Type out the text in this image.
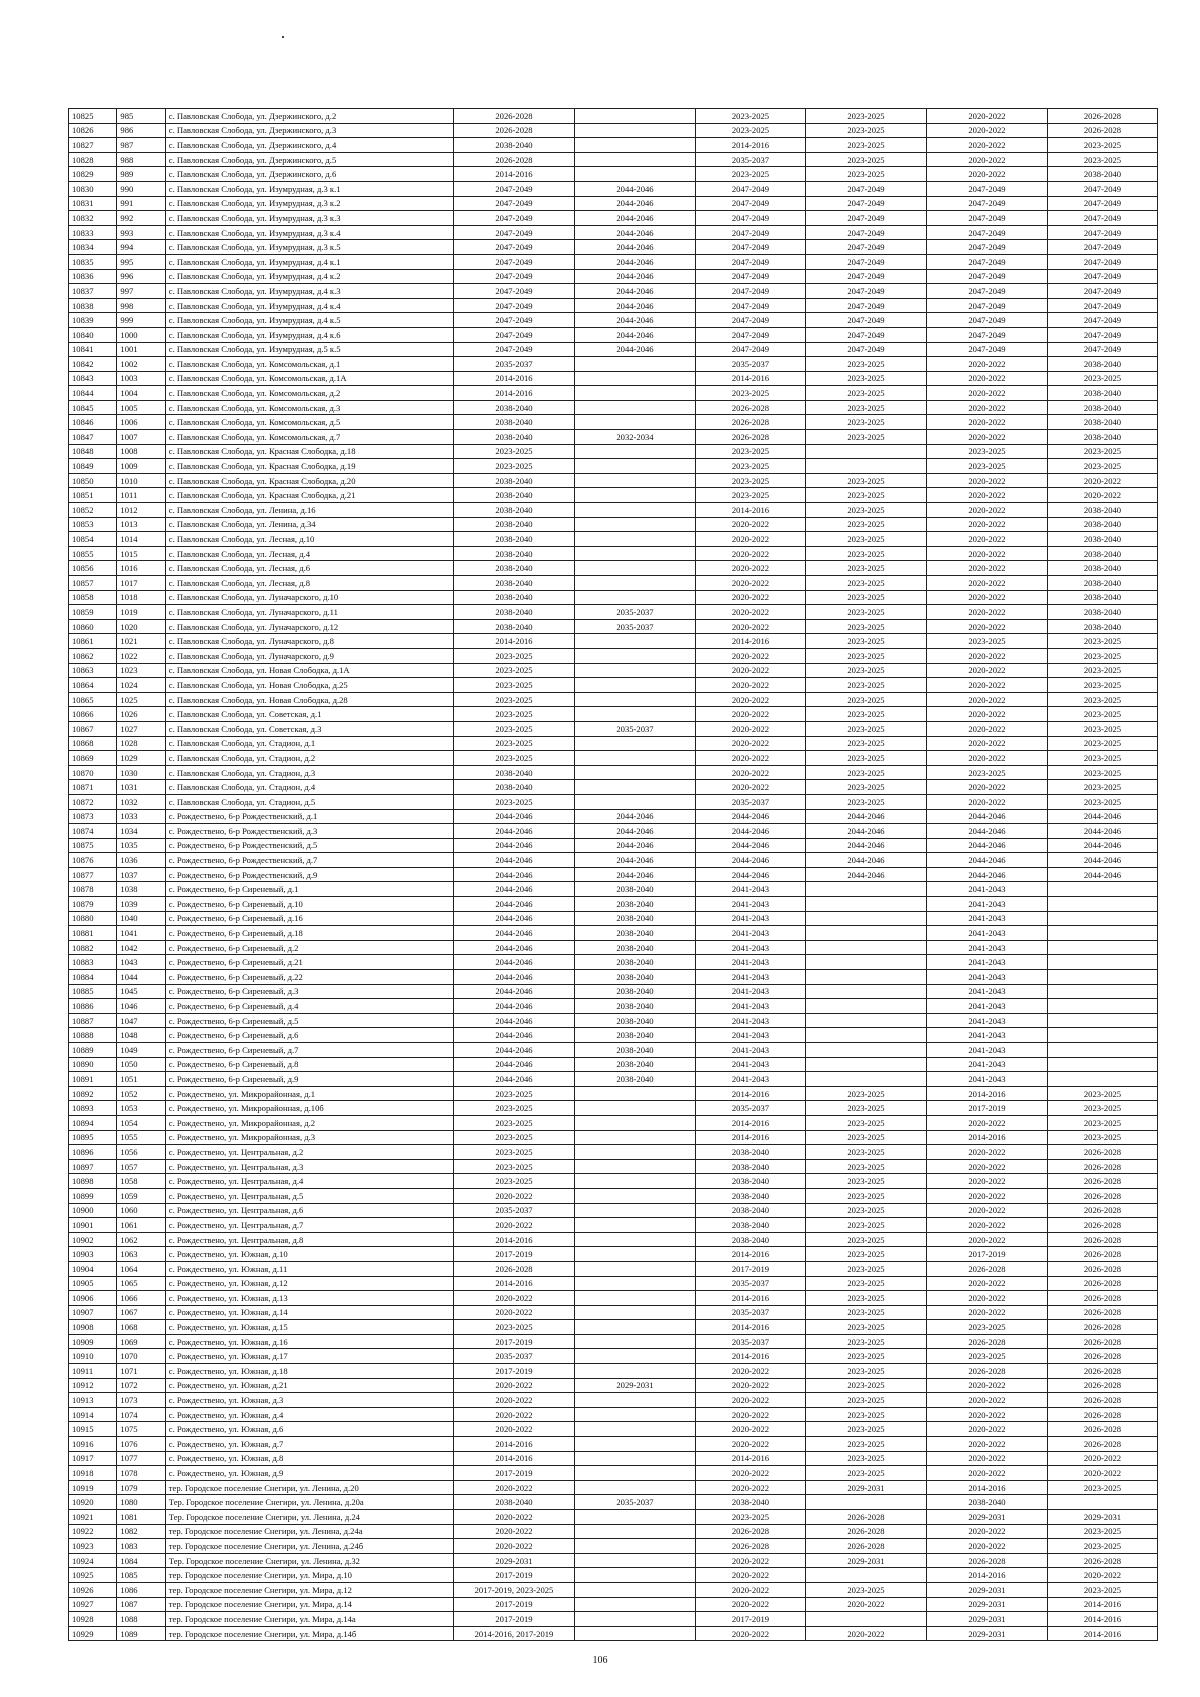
10825	985	с. Павловская Слобода, ул. Дзержинского, д.2	2026-2028		2023-2025	2023-2025	2020-2022	2026-2028
10826	986	с. Павловская Слобода, ул. Дзержинского, д.3	2026-2028		2023-2025	2023-2025	2020-2022	2026-2028
10827	987	с. Павловская Слобода, ул. Дзержинского, д.4	2038-2040		2014-2016	2023-2025	2020-2022	2023-2025
10828	988	с. Павловская Слобода, ул. Дзержинского, д.5	2026-2028		2035-2037	2023-2025	2020-2022	2023-2025
10829	989	с. Павловская Слобода, ул. Дзержинского, д.6	2014-2016		2023-2025	2023-2025	2020-2022	2038-2040
10830	990	с. Павловская Слобода, ул. Изумрудная, д.3 к.1	2047-2049	2044-2046	2047-2049	2047-2049	2047-2049	2047-2049
10831	991	с. Павловская Слобода, ул. Изумрудная, д.3 к.2	2047-2049	2044-2046	2047-2049	2047-2049	2047-2049	2047-2049
10832	992	с. Павловская Слобода, ул. Изумрудная, д.3 к.3	2047-2049	2044-2046	2047-2049	2047-2049	2047-2049	2047-2049
10833	993	с. Павловская Слобода, ул. Изумрудная, д.3 к.4	2047-2049	2044-2046	2047-2049	2047-2049	2047-2049	2047-2049
10834	994	с. Павловская Слобода, ул. Изумрудная, д.3 к.5	2047-2049	2044-2046	2047-2049	2047-2049	2047-2049	2047-2049
10835	995	с. Павловская Слобода, ул. Изумрудная, д.4 к.1	2047-2049	2044-2046	2047-2049	2047-2049	2047-2049	2047-2049
10836	996	с. Павловская Слобода, ул. Изумрудная, д.4 к.2	2047-2049	2044-2046	2047-2049	2047-2049	2047-2049	2047-2049
10837	997	с. Павловская Слобода, ул. Изумрудная, д.4 к.3	2047-2049	2044-2046	2047-2049	2047-2049	2047-2049	2047-2049
10838	998	с. Павловская Слобода, ул. Изумрудная, д.4 к.4	2047-2049	2044-2046	2047-2049	2047-2049	2047-2049	2047-2049
10839	999	с. Павловская Слобода, ул. Изумрудная, д.4 к.5	2047-2049	2044-2046	2047-2049	2047-2049	2047-2049	2047-2049
10840	1000	с. Павловская Слобода, ул. Изумрудная, д.4 к.6	2047-2049	2044-2046	2047-2049	2047-2049	2047-2049	2047-2049
10841	1001	с. Павловская Слобода, ул. Изумрудная, д.5 к.5	2047-2049	2044-2046	2047-2049	2047-2049	2047-2049	2047-2049
10842	1002	с. Павловская Слобода, ул. Комсомольская, д.1	2035-2037		2035-2037	2023-2025	2020-2022	2038-2040
10843	1003	с. Павловская Слобода, ул. Комсомольская, д.1А	2014-2016		2014-2016	2023-2025	2020-2022	2023-2025
10844	1004	с. Павловская Слобода, ул. Комсомольская, д.2	2014-2016		2023-2025	2023-2025	2020-2022	2038-2040
10845	1005	с. Павловская Слобода, ул. Комсомольская, д.3	2038-2040		2026-2028	2023-2025	2020-2022	2038-2040
10846	1006	с. Павловская Слобода, ул. Комсомольская, д.5	2038-2040		2026-2028	2023-2025	2020-2022	2038-2040
10847	1007	с. Павловская Слобода, ул. Комсомольская, д.7	2038-2040	2032-2034	2026-2028	2023-2025	2020-2022	2038-2040
10848	1008	с. Павловская Слобода, ул. Красная Слободка, д.18	2023-2025		2023-2025		2023-2025	2023-2025
10849	1009	с. Павловская Слобода, ул. Красная Слободка, д.19	2023-2025		2023-2025		2023-2025	2023-2025
10850	1010	с. Павловская Слобода, ул. Красная Слободка, д.20	2038-2040		2023-2025	2023-2025	2020-2022	2020-2022
10851	1011	с. Павловская Слобода, ул. Красная Слободка, д.21	2038-2040		2023-2025	2023-2025	2020-2022	2020-2022
10852	1012	с. Павловская Слобода, ул. Ленина, д.16	2038-2040		2014-2016	2023-2025	2020-2022	2038-2040
10853	1013	с. Павловская Слобода, ул. Ленина, д.34	2038-2040		2020-2022	2023-2025	2020-2022	2038-2040
10854	1014	с. Павловская Слобода, ул. Лесная, д.10	2038-2040		2020-2022	2023-2025	2020-2022	2038-2040
10855	1015	с. Павловская Слобода, ул. Лесная, д.4	2038-2040		2020-2022	2023-2025	2020-2022	2038-2040
10856	1016	с. Павловская Слобода, ул. Лесная, д.6	2038-2040		2020-2022	2023-2025	2020-2022	2038-2040
10857	1017	с. Павловская Слобода, ул. Лесная, д.8	2038-2040		2020-2022	2023-2025	2020-2022	2038-2040
10858	1018	с. Павловская Слобода, ул. Луначарского, д.10	2038-2040		2020-2022	2023-2025	2020-2022	2038-2040
10859	1019	с. Павловская Слобода, ул. Луначарского, д.11	2038-2040	2035-2037	2020-2022	2023-2025	2020-2022	2038-2040
10860	1020	с. Павловская Слобода, ул. Луначарского, д.12	2038-2040	2035-2037	2020-2022	2023-2025	2020-2022	2038-2040
10861	1021	с. Павловская Слобода, ул. Луначарского, д.8	2014-2016		2014-2016	2023-2025	2023-2025	2023-2025
10862	1022	с. Павловская Слобода, ул. Луначарского, д.9	2023-2025		2020-2022	2023-2025	2020-2022	2023-2025
10863	1023	с. Павловская Слобода, ул. Новая Слободка, д.1А	2023-2025		2020-2022	2023-2025	2020-2022	2023-2025
10864	1024	с. Павловская Слобода, ул. Новая Слободка, д.25	2023-2025		2020-2022	2023-2025	2020-2022	2023-2025
10865	1025	с. Павловская Слобода, ул. Новая Слободка, д.28	2023-2025		2020-2022	2023-2025	2020-2022	2023-2025
10866	1026	с. Павловская Слобода, ул. Советская, д.1	2023-2025		2020-2022	2023-2025	2020-2022	2023-2025
10867	1027	с. Павловская Слобода, ул. Советская, д.3	2023-2025	2035-2037	2020-2022	2023-2025	2020-2022	2023-2025
10868	1028	с. Павловская Слобода, ул. Стадион, д.1	2023-2025		2020-2022	2023-2025	2020-2022	2023-2025
10869	1029	с. Павловская Слобода, ул. Стадион, д.2	2023-2025		2020-2022	2023-2025	2020-2022	2023-2025
10870	1030	с. Павловская Слобода, ул. Стадион, д.3	2038-2040		2020-2022	2023-2025	2023-2025	2023-2025
10871	1031	с. Павловская Слобода, ул. Стадион, д.4	2038-2040		2020-2022	2023-2025	2020-2022	2023-2025
10872	1032	с. Павловская Слобода, ул. Стадион, д.5	2023-2025		2035-2037	2023-2025	2020-2022	2023-2025
10873	1033	с. Рождествено, 6-р Рождественский, д.1	2044-2046	2044-2046	2044-2046	2044-2046	2044-2046	2044-2046
10874	1034	с. Рождествено, 6-р Рождественский, д.3	2044-2046	2044-2046	2044-2046	2044-2046	2044-2046	2044-2046
10875	1035	с. Рождествено, 6-р Рождественский, д.5	2044-2046	2044-2046	2044-2046	2044-2046	2044-2046	2044-2046
10876	1036	с. Рождествено, 6-р Рождественский, д.7	2044-2046	2044-2046	2044-2046	2044-2046	2044-2046	2044-2046
10877	1037	с. Рождествено, 6-р Рождественский, д.9	2044-2046	2044-2046	2044-2046	2044-2046	2044-2046	2044-2046
10878	1038	с. Рождествено, 6-р Сиреневый, д.1	2044-2046	2038-2040	2041-2043		2041-2043	
10879	1039	с. Рождествено, 6-р Сиреневый, д.10	2044-2046	2038-2040	2041-2043		2041-2043	
10880	1040	с. Рождествено, 6-р Сиреневый, д.16	2044-2046	2038-2040	2041-2043		2041-2043	
10881	1041	с. Рождествено, 6-р Сиреневый, д.18	2044-2046	2038-2040	2041-2043		2041-2043	
10882	1042	с. Рождествено, 6-р Сиреневый, д.2	2044-2046	2038-2040	2041-2043		2041-2043	
10883	1043	с. Рождествено, 6-р Сиреневый, д.21	2044-2046	2038-2040	2041-2043		2041-2043	
10884	1044	с. Рождествено, 6-р Сиреневый, д.22	2044-2046	2038-2040	2041-2043		2041-2043	
10885	1045	с. Рождествено, 6-р Сиреневый, д.3	2044-2046	2038-2040	2041-2043		2041-2043	
10886	1046	с. Рождествено, 6-р Сиреневый, д.4	2044-2046	2038-2040	2041-2043		2041-2043	
10887	1047	с. Рождествено, 6-р Сиреневый, д.5	2044-2046	2038-2040	2041-2043		2041-2043	
10888	1048	с. Рождествено, 6-р Сиреневый, д.6	2044-2046	2038-2040	2041-2043		2041-2043	
10889	1049	с. Рождествено, 6-р Сиреневый, д.7	2044-2046	2038-2040	2041-2043		2041-2043	
10890	1050	с. Рождествено, 6-р Сиреневый, д.8	2044-2046	2038-2040	2041-2043		2041-2043	
10891	1051	с. Рождествено, 6-р Сиреневый, д.9	2044-2046	2038-2040	2041-2043		2041-2043	
10892	1052	с. Рождествено, ул. Микрорайонная, д.1	2023-2025		2014-2016	2023-2025	2014-2016	2023-2025
10893	1053	с. Рождествено, ул. Микрорайонная, д.10б	2023-2025		2035-2037	2023-2025	2017-2019	2023-2025
10894	1054	с. Рождествено, ул. Микрорайонная, д.2	2023-2025		2014-2016	2023-2025	2020-2022	2023-2025
10895	1055	с. Рождествено, ул. Микрорайонная, д.3	2023-2025		2014-2016	2023-2025	2014-2016	2023-2025
10896	1056	с. Рождествено, ул. Центральная, д.2	2023-2025		2038-2040	2023-2025	2020-2022	2026-2028
10897	1057	с. Рождествено, ул. Центральная, д.3	2023-2025		2038-2040	2023-2025	2020-2022	2026-2028
10898	1058	с. Рождествено, ул. Центральная, д.4	2023-2025		2038-2040	2023-2025	2020-2022	2026-2028
10899	1059	с. Рождествено, ул. Центральная, д.5	2020-2022		2038-2040	2023-2025	2020-2022	2026-2028
10900	1060	с. Рождествено, ул. Центральная, д.6	2035-2037		2038-2040	2023-2025	2020-2022	2026-2028
10901	1061	с. Рождествено, ул. Центральная, д.7	2020-2022		2038-2040	2023-2025	2020-2022	2026-2028
10902	1062	с. Рождествено, ул. Центральная, д.8	2014-2016		2038-2040	2023-2025	2020-2022	2026-2028
10903	1063	с. Рождествено, ул. Южная, д.10	2017-2019		2014-2016	2023-2025	2017-2019	2026-2028
10904	1064	с. Рождествено, ул. Южная, д.11	2026-2028		2017-2019	2023-2025	2026-2028	2026-2028
10905	1065	с. Рождествено, ул. Южная, д.12	2014-2016		2035-2037	2023-2025	2020-2022	2026-2028
10906	1066	с. Рождествено, ул. Южная, д.13	2020-2022		2014-2016	2023-2025	2020-2022	2026-2028
10907	1067	с. Рождествено, ул. Южная, д.14	2020-2022		2035-2037	2023-2025	2020-2022	2026-2028
10908	1068	с. Рождествено, ул. Южная, д.15	2023-2025		2014-2016	2023-2025	2023-2025	2026-2028
10909	1069	с. Рождествено, ул. Южная, д.16	2017-2019		2035-2037	2023-2025	2026-2028	2026-2028
10910	1070	с. Рождествено, ул. Южная, д.17	2035-2037		2014-2016	2023-2025	2023-2025	2026-2028
10911	1071	с. Рождествено, ул. Южная, д.18	2017-2019		2020-2022	2023-2025	2026-2028	2026-2028
10912	1072	с. Рождествено, ул. Южная, д.21	2020-2022	2029-2031	2020-2022	2023-2025	2020-2022	2026-2028
10913	1073	с. Рождествено, ул. Южная, д.3	2020-2022		2020-2022	2023-2025	2020-2022	2026-2028
10914	1074	с. Рождествено, ул. Южная, д.4	2020-2022		2020-2022	2023-2025	2020-2022	2026-2028
10915	1075	с. Рождествено, ул. Южная, д.6	2020-2022		2020-2022	2023-2025	2020-2022	2026-2028
10916	1076	с. Рождествено, ул. Южная, д.7	2014-2016		2020-2022	2023-2025	2020-2022	2026-2028
10917	1077	с. Рождествено, ул. Южная, д.8	2014-2016		2014-2016	2023-2025	2020-2022	2020-2022
10918	1078	с. Рождествено, ул. Южная, д.9	2017-2019		2020-2022	2023-2025	2020-2022	2020-2022
10919	1079	тер. Городское поселение Снегири, ул. Ленина, д.20	2020-2022		2020-2022	2029-2031	2014-2016	2023-2025
10920	1080	Тер. Городское поселение Снегири, ул. Ленина, д.20а	2038-2040	2035-2037	2038-2040		2038-2040	
10921	1081	Тер. Городское поселение Снегири, ул. Ленина, д.24	2020-2022		2023-2025	2026-2028	2029-2031	2029-2031
10922	1082	тер. Городское поселение Снегири, ул. Ленина, д.24а	2020-2022		2026-2028	2026-2028	2020-2022	2023-2025
10923	1083	тер. Городское поселение Снегири, ул. Ленина, д.24б	2020-2022		2026-2028	2026-2028	2020-2022	2023-2025
10924	1084	Тер. Городское поселение Снегири, ул. Ленина, д.32	2029-2031		2020-2022	2029-2031	2026-2028	2026-2028
10925	1085	тер. Городское поселение Снегири, ул. Мира, д.10	2017-2019		2020-2022		2014-2016	2020-2022
10926	1086	тер. Городское поселение Снегири, ул. Мира, д.12	2017-2019, 2023-2025		2020-2022	2023-2025	2029-2031	2023-2025
10927	1087	тер. Городское поселение Снегири, ул. Мира, д.14	2017-2019		2020-2022	2020-2022	2029-2031	2014-2016
10928	1088	тер. Городское поселение Снегири, ул. Мира, д.14а	2017-2019		2017-2019		2029-2031	2014-2016
10929	1089	тер. Городское поселение Снегири, ул. Мира, д.14б	2014-2016, 2017-2019		2020-2022	2020-2022	2029-2031	2014-2016
106
